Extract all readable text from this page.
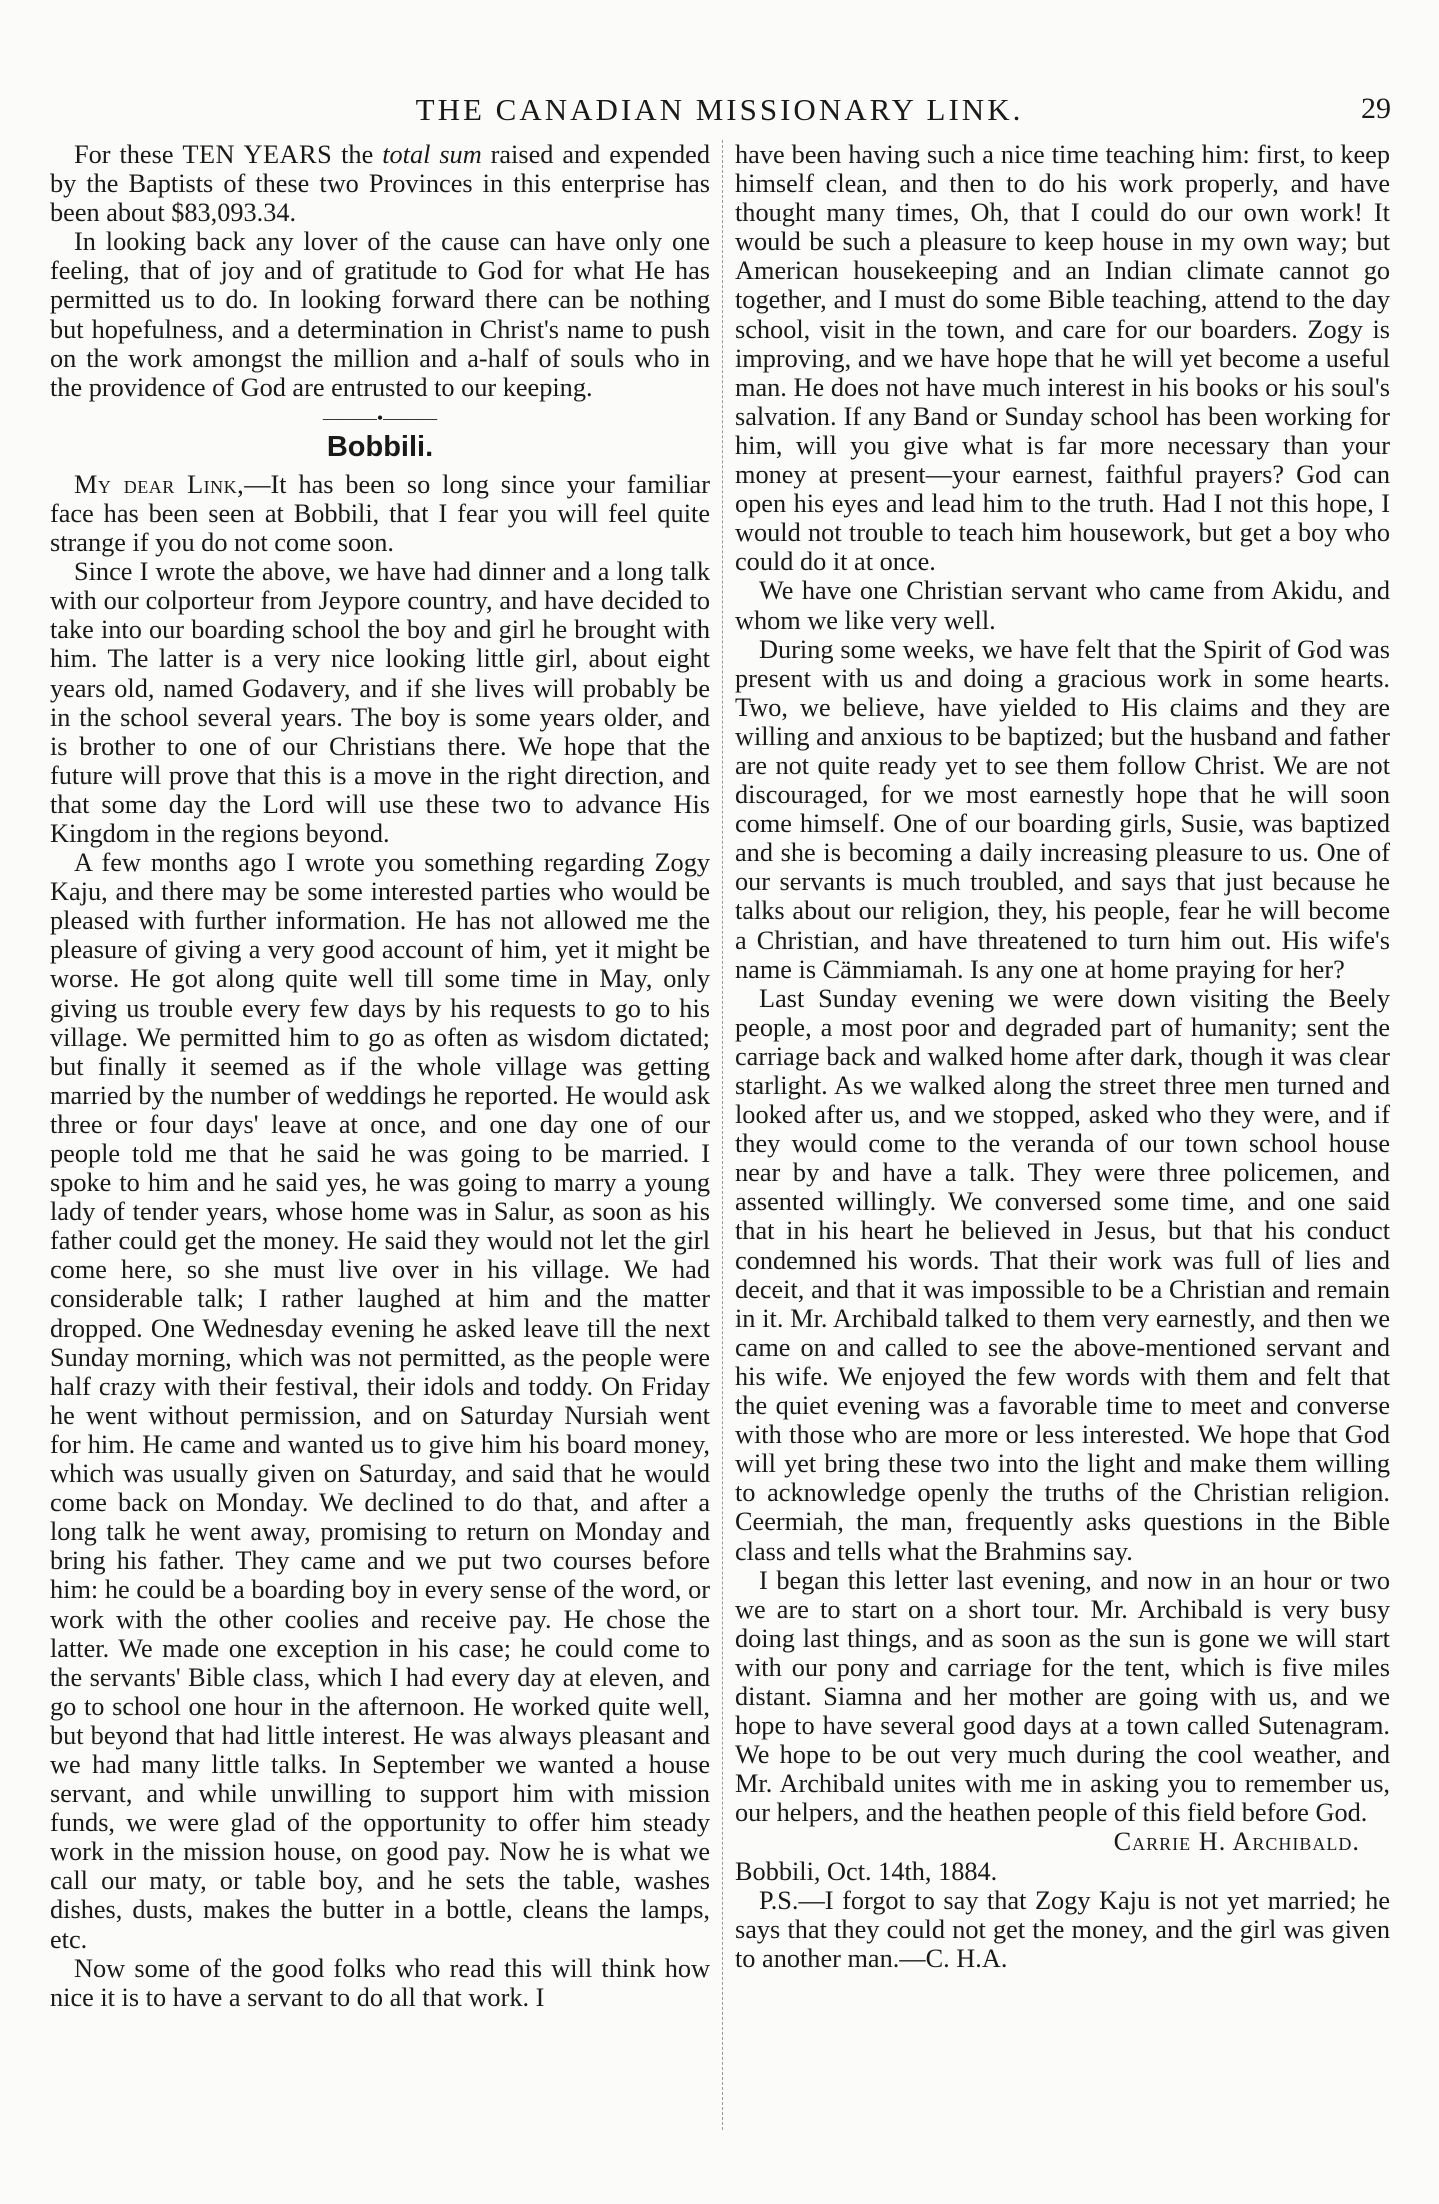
THE CANADIAN MISSIONARY LINK.	29

For these TEN YEARS the total sum raised and expended by the Baptists of these two Provinces in this enterprise has been about $83,093.34.

In looking back any lover of the cause can have only one feeling, that of joy and of gratitude to God for what He has permitted us to do. In looking forward there can be nothing but hopefulness, and a determination in Christ's name to push on the work amongst the million and a-half of souls who in the providence of God are entrusted to our keeping.

———•———
Bobbili.

My dear Link,—It has been so long since your familiar face has been seen at Bobbili, that I fear you will feel quite strange if you do not come soon.

Since I wrote the above, we have had dinner and a long talk with our colporteur from Jeypore country, and have decided to take into our boarding school the boy and girl he brought with him. The latter is a very nice looking little girl, about eight years old, named Godavery, and if she lives will probably be in the school several years. The boy is some years older, and is brother to one of our Christians there. We hope that the future will prove that this is a move in the right direction, and that some day the Lord will use these two to advance His Kingdom in the regions beyond.

A few months ago I wrote you something regarding Zogy Kaju, and there may be some interested parties who would be pleased with further information. He has not allowed me the pleasure of giving a very good account of him, yet it might be worse. He got along quite well till some time in May, only giving us trouble every few days by his requests to go to his village. We permitted him to go as often as wisdom dictated; but finally it seemed as if the whole village was getting married by the number of weddings he reported. He would ask three or four days' leave at once, and one day one of our people told me that he said he was going to be married. I spoke to him and he said yes, he was going to marry a young lady of tender years, whose home was in Salur, as soon as his father could get the money. He said they would not let the girl come here, so she must live over in his village. We had considerable talk; I rather laughed at him and the matter dropped. One Wednesday evening he asked leave till the next Sunday morning, which was not permitted, as the people were half crazy with their festival, their idols and toddy. On Friday he went without permission, and on Saturday Nursiah went for him. He came and wanted us to give him his board money, which was usually given on Saturday, and said that he would come back on Monday. We declined to do that, and after a long talk he went away, promising to return on Monday and bring his father. They came and we put two courses before him: he could be a boarding boy in every sense of the word, or work with the other coolies and receive pay. He chose the latter. We made one exception in his case; he could come to the servants' Bible class, which I had every day at eleven, and go to school one hour in the afternoon. He worked quite well, but beyond that had little interest. He was always pleasant and we had many little talks. In September we wanted a house servant, and while unwilling to support him with mission funds, we were glad of the opportunity to offer him steady work in the mission house, on good pay. Now he is what we call our maty, or table boy, and he sets the table, washes dishes, dusts, makes the butter in a bottle, cleans the lamps, etc.

Now some of the good folks who read this will think how nice it is to have a servant to do all that work. I

have been having such a nice time teaching him: first, to keep himself clean, and then to do his work properly, and have thought many times, Oh, that I could do our own work! It would be such a pleasure to keep house in my own way; but American housekeeping and an Indian climate cannot go together, and I must do some Bible teaching, attend to the day school, visit in the town, and care for our boarders. Zogy is improving, and we have hope that he will yet become a useful man. He does not have much interest in his books or his soul's salvation. If any Band or Sunday school has been working for him, will you give what is far more necessary than your money at present—your earnest, faithful prayers? God can open his eyes and lead him to the truth. Had I not this hope, I would not trouble to teach him housework, but get a boy who could do it at once.

We have one Christian servant who came from Akidu, and whom we like very well.

During some weeks, we have felt that the Spirit of God was present with us and doing a gracious work in some hearts. Two, we believe, have yielded to His claims and they are willing and anxious to be baptized; but the husband and father are not quite ready yet to see them follow Christ. We are not discouraged, for we most earnestly hope that he will soon come himself. One of our boarding girls, Susie, was baptized and she is becoming a daily increasing pleasure to us. One of our servants is much troubled, and says that just because he talks about our religion, they, his people, fear he will become a Christian, and have threatened to turn him out. His wife's name is Cämmiamah. Is any one at home praying for her?

Last Sunday evening we were down visiting the Beely people, a most poor and degraded part of humanity; sent the carriage back and walked home after dark, though it was clear starlight. As we walked along the street three men turned and looked after us, and we stopped, asked who they were, and if they would come to the veranda of our town school house near by and have a talk. They were three policemen, and assented willingly. We conversed some time, and one said that in his heart he believed in Jesus, but that his conduct condemned his words. That their work was full of lies and deceit, and that it was impossible to be a Christian and remain in it. Mr. Archibald talked to them very earnestly, and then we came on and called to see the above-mentioned servant and his wife. We enjoyed the few words with them and felt that the quiet evening was a favorable time to meet and converse with those who are more or less interested. We hope that God will yet bring these two into the light and make them willing to acknowledge openly the truths of the Christian religion. Ceermiah, the man, frequently asks questions in the Bible class and tells what the Brahmins say.

I began this letter last evening, and now in an hour or two we are to start on a short tour. Mr. Archibald is very busy doing last things, and as soon as the sun is gone we will start with our pony and carriage for the tent, which is five miles distant. Siamna and her mother are going with us, and we hope to have several good days at a town called Sutenagram. We hope to be out very much during the cool weather, and Mr. Archibald unites with me in asking you to remember us, our helpers, and the heathen people of this field before God.

Carrie H. Archibald.

Bobbili, Oct. 14th, 1884.

P.S.—I forgot to say that Zogy Kaju is not yet married; he says that they could not get the money, and the girl was given to another man.—C. H.A.
